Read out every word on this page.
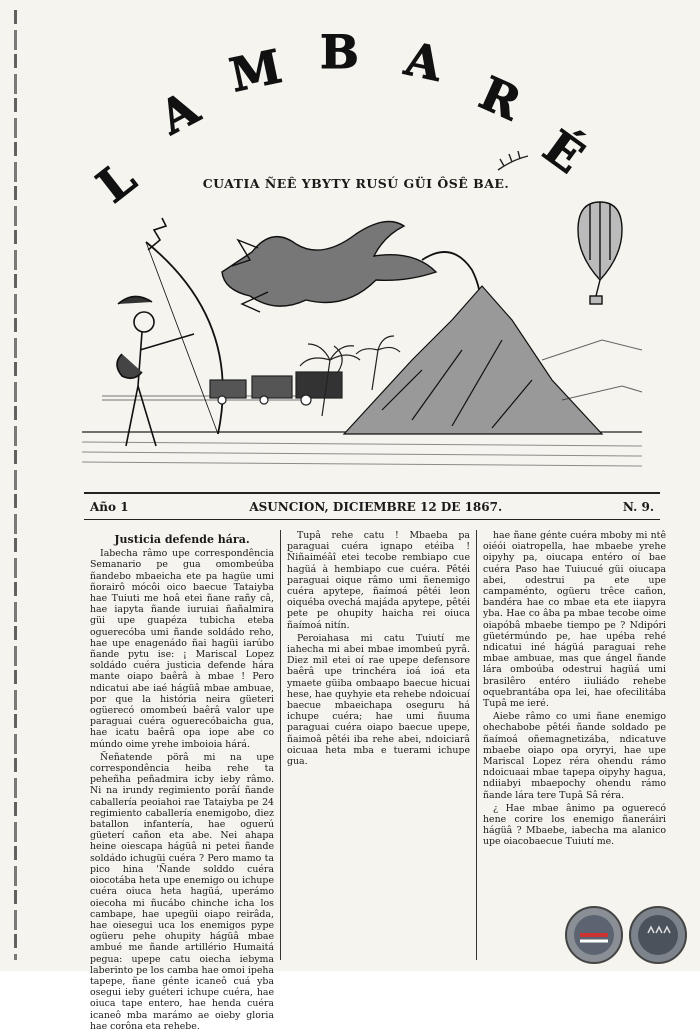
L
A
M B A
R
É
CUATIA ÑEÊ YBYTY RUSÚ GÜI ÔSÊ BAE.
Año 1	ASUNCION, DICIEMBRE 12 DE 1867.	N. 9.
Justicia defende hára.

Iabecha râmo upe correspondência Semanario pe gua omombeúba ñandebo mbaeicha ete pa hagüe umi ñorairô mócôi oico baecue Tataiyba hae Tuiuti me hoâ etei ñane rañy câ, hae iapyta ñande iuruiai ñañalmira güi upe guapéza tubicha eteba oguerecóba umi ñande soldádo reho, hae upe enagenádo ñai hagüi iarúbo ñande pytu ise: ¡ Mariscal Lopez soldádo cuéra justicia defende hára mante oiapo baêrâ à mbae ! Pero ndicatui abe iaé hágüâ mbae ambuae, por que la história neira güeteri ogüerecó omombeú baêrâ valor upe paraguai cuéra oguerecóbaicha gua, hae icatu baêrâ opa iope abe co múndo oime yrehe imboioia hárá.

Ñeñatende pörâ mi na upe correspondência heiba rehe ta peheñha peñadmira icby ieby râmo. Ni na irundy regimiento porâí ñande caballería peoiahoi rae Tataiyba pe 24 regimiento caballería enemigobo, diez batallon infantería, hae oguerú güeterí cañon eta abe. Nei ahapa heine oiescapa hágüâ ni petei ñande soldádo ichugüi cuéra ? Pero mamo ta pico hina 'Ñande solddo cuéra oiocotába heta upe enemigo ou ichupe cuéra oiuca heta hagüá, uperámo oiecoha mi ñucábo chinche icha los cambape, hae upegüi oiapo reirâda, hae oiesegui uca los enemigos pype ogüeru pehe ohupity hágüâ mbae ambué me ñande artillério Humaitá pegua: upepe catu oiecha iebyma laberinto pe los camba hae omoi ipeha tapepe, ñane génte icaneô cuá yba osegui ieby guéteri ichupe cuéra, hae oiuca tape entero, hae henda cuéra icaneô mba marámo ae oieby gloria hae corôna eta rehebe.

Tupâ rehe catu ! Mbaeba pa paraguai cuéra ignapo etéiba ! Ñiñaiméâî etei tecobe rembiapo cue hagüá à hembiapo cue cuéra. Pêtéi paraguai oique râmo umi ñenemigo cuéra apytepe, ñaímoá pêtéi leon oiquéba ovechá majáda apytepe, pêtéi pete pe ohupity haicha rei oiuca ñaímoá nitín.

Peroiahasa mi catu Tuiutí me iahecha mi abei mbae imombeú pyrâ. Diez mil etei oí rae upepe defensore baêrâ upe trinchéra ioá ioá eta ymaete güiba ombaapo baecue hicuai hese, hae quyhyie eta rehebe ndoicuaí baecue mbaeichapa oseguru há ichupe cuéra; hae umi ñuuma paraguai cuéra oiapo baecue upepe, ñaimoâ pêtéi iba rehe abei, ndoiciarâ oicuaa heta mba e tuerami ichupe gua.

hae ñane génte cuéra mboby mi ntê oiéói oiatropella, hae mbaebe yrehe oipyhy pa, oiucapa entéro oí bae cuéra Paso hae Tuiucué güi oiucapa abei, odestrui pa ete upe campaménto, ogüeru trêce cañon, bandéra hae co mbae eta ete iiapyra yba. Hae co âba pa mbae tecobe oime oiapóbâ mbaebe tiempo pe ? Ndipóri güetérmúndo pe, hae upéba rehé ndicatui iné hágüá paraguai rehe mbae ambuae, mas que ángel ñande lára omboúba odestrui hagüá umi brasilêro entéro iiuliádo rehebe oquebrantába opa lei, hae ofecilitába Tupâ me ieré.

Aiebe râmo co umi ñane enemigo ohechabobe pêtéi ñande soldado pe ñaímoá oñemagnetizába, ndicatuve mbaebe oiapo opa oryryi, hae upe Mariscal Lopez réra ohendu rámo ndoicuaai mbae tapepa oipyhy hagua, ndiiabyi mbaepochy ohendu rámo ñande lára tere Tupâ Sâ réra.

¿ Hae mbae ânimo pa oguerecó hene corire los enemigo ñaneráiri hágüâ ? Mbaebe, iabecha ma alanico upe oiacobaecue Tuiutí me.
